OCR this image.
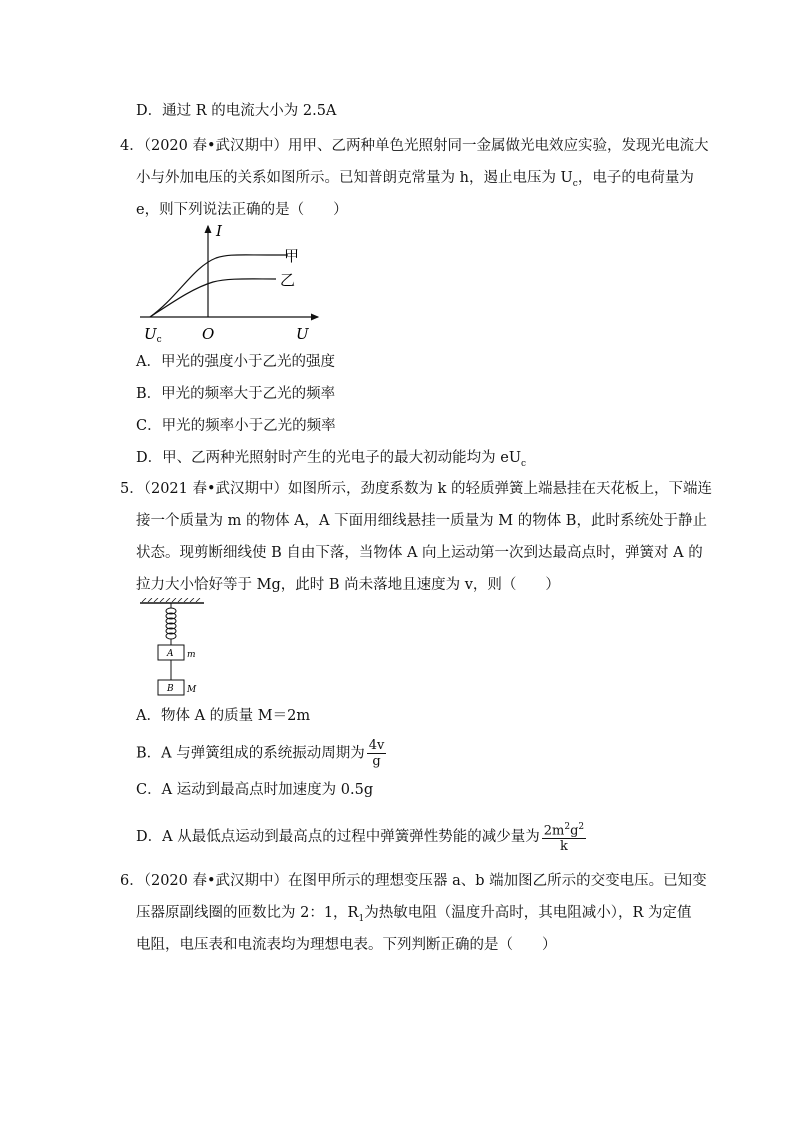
D．通过 R 的电流大小为 2.5A
4．（2020 春•武汉期中）用甲、乙两种单色光照射同一金属做光电效应实验，发现光电流大
小与外加电压的关系如图所示。已知普朗克常量为 h，遏止电压为 $U_c$，电子的电荷量为
e，则下列说法正确的是（　　）
I
U
O
$U_c$
甲
乙
A．甲光的强度小于乙光的强度
B．甲光的频率大于乙光的频率
C．甲光的频率小于乙光的频率
D．甲、乙两种光照射时产生的光电子的最大初动能均为 $eU_c$
5．（2021 春•武汉期中）如图所示，劲度系数为 k 的轻质弹簧上端悬挂在天花板上，下端连
接一个质量为 m 的物体 A，A 下面用细线悬挂一质量为 M 的物体 B，此时系统处于静止
状态。现剪断细线使 B 自由下落，当物体 A 向上运动第一次到达最高点时，弹簧对 A 的
拉力大小恰好等于 Mg，此时 B 尚未落地且速度为 v，则（　　）
A m
B M
A．物体 A 的质量 M＝2m
B．A 与弹簧组成的系统振动周期为 $\frac{4v}{g}$
C．A 运动到最高点时加速度为 0.5g
D．A 从最低点运动到最高点的过程中弹簧弹性势能的减少量为 $\frac{2m^2g^2}{k}$
6．（2020 春•武汉期中）在图甲所示的理想变压器 a、b 端加图乙所示的交变电压。已知变
压器原副线圈的匝数比为 2：1，$R_1$为热敏电阻（温度升高时，其电阻减小），R 为定值
电阻，电压表和电流表均为理想电表。下列判断正确的是（　　）
